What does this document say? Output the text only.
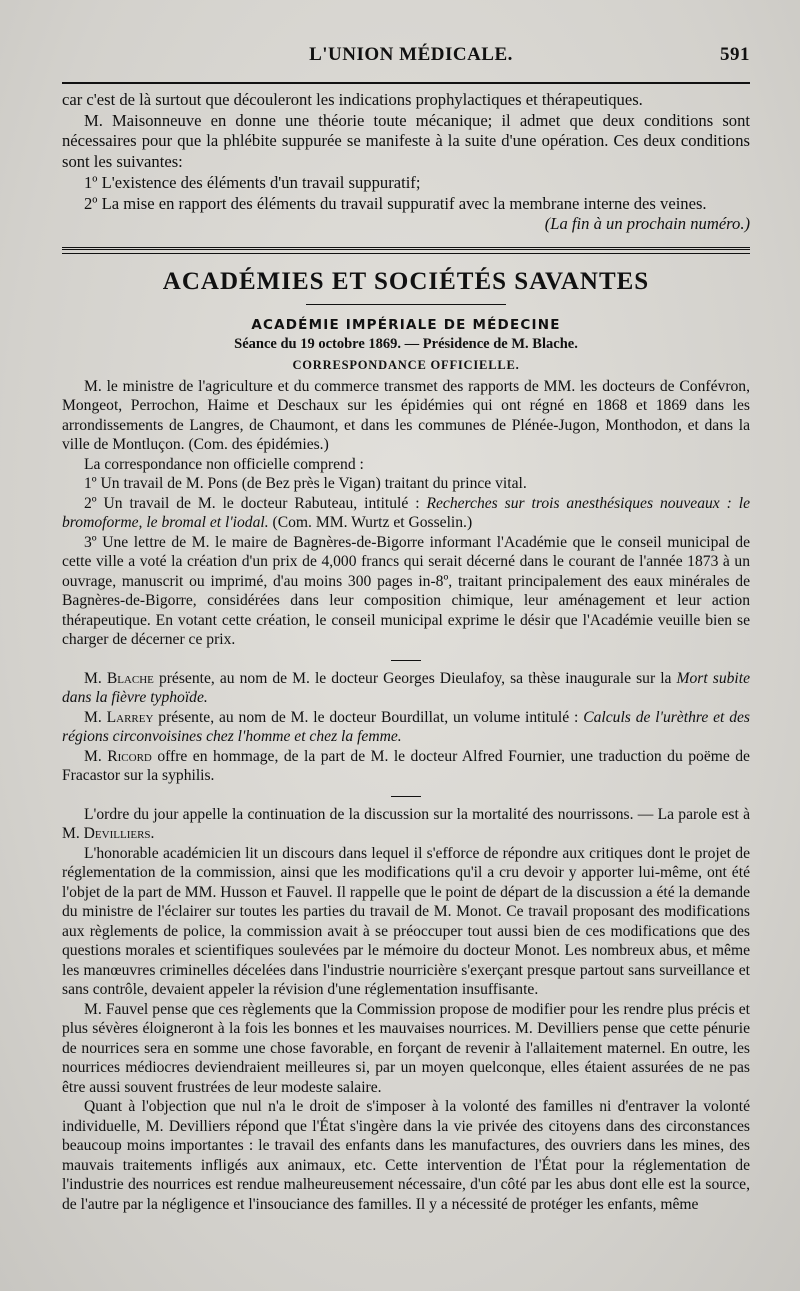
L'UNION MÉDICALE.	591

car c'est de là surtout que découleront les indications prophylactiques et thérapeutiques.

M. Maisonneuve en donne une théorie toute mécanique; il admet que deux conditions sont nécessaires pour que la phlébite suppurée se manifeste à la suite d'une opération. Ces deux conditions sont les suivantes:

1º L'existence des éléments d'un travail suppuratif;

2º La mise en rapport des éléments du travail suppuratif avec la membrane interne des veines.

(La fin à un prochain numéro.)

ACADÉMIES ET SOCIÉTÉS SAVANTES
ACADÉMIE IMPÉRIALE DE MÉDECINE
Séance du 19 octobre 1869. — Présidence de M. Blache.
CORRESPONDANCE OFFICIELLE.

M. le ministre de l'agriculture et du commerce transmet des rapports de MM. les docteurs de Confévron, Mongeot, Perrochon, Haime et Deschaux sur les épidémies qui ont régné en 1868 et 1869 dans les arrondissements de Langres, de Chaumont, et dans les communes de Plénée-Jugon, Monthodon, et dans la ville de Montluçon. (Com. des épidémies.)

La correspondance non officielle comprend :

1º Un travail de M. Pons (de Bez près le Vigan) traitant du prince vital.

2º Un travail de M. le docteur Rabuteau, intitulé : Recherches sur trois anesthésiques nouveaux : le bromoforme, le bromal et l'iodal. (Com. MM. Wurtz et Gosselin.)

3º Une lettre de M. le maire de Bagnères-de-Bigorre informant l'Académie que le conseil municipal de cette ville a voté la création d'un prix de 4,000 francs qui serait décerné dans le courant de l'année 1873 à un ouvrage, manuscrit ou imprimé, d'au moins 300 pages in-8º, traitant principalement des eaux minérales de Bagnères-de-Bigorre, considérées dans leur composition chimique, leur aménagement et leur action thérapeutique. En votant cette création, le conseil municipal exprime le désir que l'Académie veuille bien se charger de décerner ce prix.

M. Blache présente, au nom de M. le docteur Georges Dieulafoy, sa thèse inaugurale sur la Mort subite dans la fièvre typhoïde.

M. Larrey présente, au nom de M. le docteur Bourdillat, un volume intitulé : Calculs de l'urèthre et des régions circonvoisines chez l'homme et chez la femme.

M. Ricord offre en hommage, de la part de M. le docteur Alfred Fournier, une traduction du poëme de Fracastor sur la syphilis.

L'ordre du jour appelle la continuation de la discussion sur la mortalité des nourrissons. — La parole est à M. Devilliers.

L'honorable académicien lit un discours dans lequel il s'efforce de répondre aux critiques dont le projet de réglementation de la commission, ainsi que les modifications qu'il a cru devoir y apporter lui-même, ont été l'objet de la part de MM. Husson et Fauvel. Il rappelle que le point de départ de la discussion a été la demande du ministre de l'éclairer sur toutes les parties du travail de M. Monot. Ce travail proposant des modifications aux règlements de police, la commission avait à se préoccuper tout aussi bien de ces modifications que des questions morales et scientifiques soulevées par le mémoire du docteur Monot. Les nombreux abus, et même les manœuvres criminelles décelées dans l'industrie nourricière s'exerçant presque partout sans surveillance et sans contrôle, devaient appeler la révision d'une réglementation insuffisante.

M. Fauvel pense que ces règlements que la Commission propose de modifier pour les rendre plus précis et plus sévères éloigneront à la fois les bonnes et les mauvaises nourrices. M. Devilliers pense que cette pénurie de nourrices sera en somme une chose favorable, en forçant de revenir à l'allaitement maternel. En outre, les nourrices médiocres deviendraient meilleures si, par un moyen quelconque, elles étaient assurées de ne pas être aussi souvent frustrées de leur modeste salaire.

Quant à l'objection que nul n'a le droit de s'imposer à la volonté des familles ni d'entraver la volonté individuelle, M. Devilliers répond que l'État s'ingère dans la vie privée des citoyens dans des circonstances beaucoup moins importantes : le travail des enfants dans les manufactures, des ouvriers dans les mines, des mauvais traitements infligés aux animaux, etc. Cette intervention de l'État pour la réglementation de l'industrie des nourrices est rendue malheureusement nécessaire, d'un côté par les abus dont elle est la source, de l'autre par la négligence et l'insouciance des familles. Il y a nécessité de protéger les enfants, même
